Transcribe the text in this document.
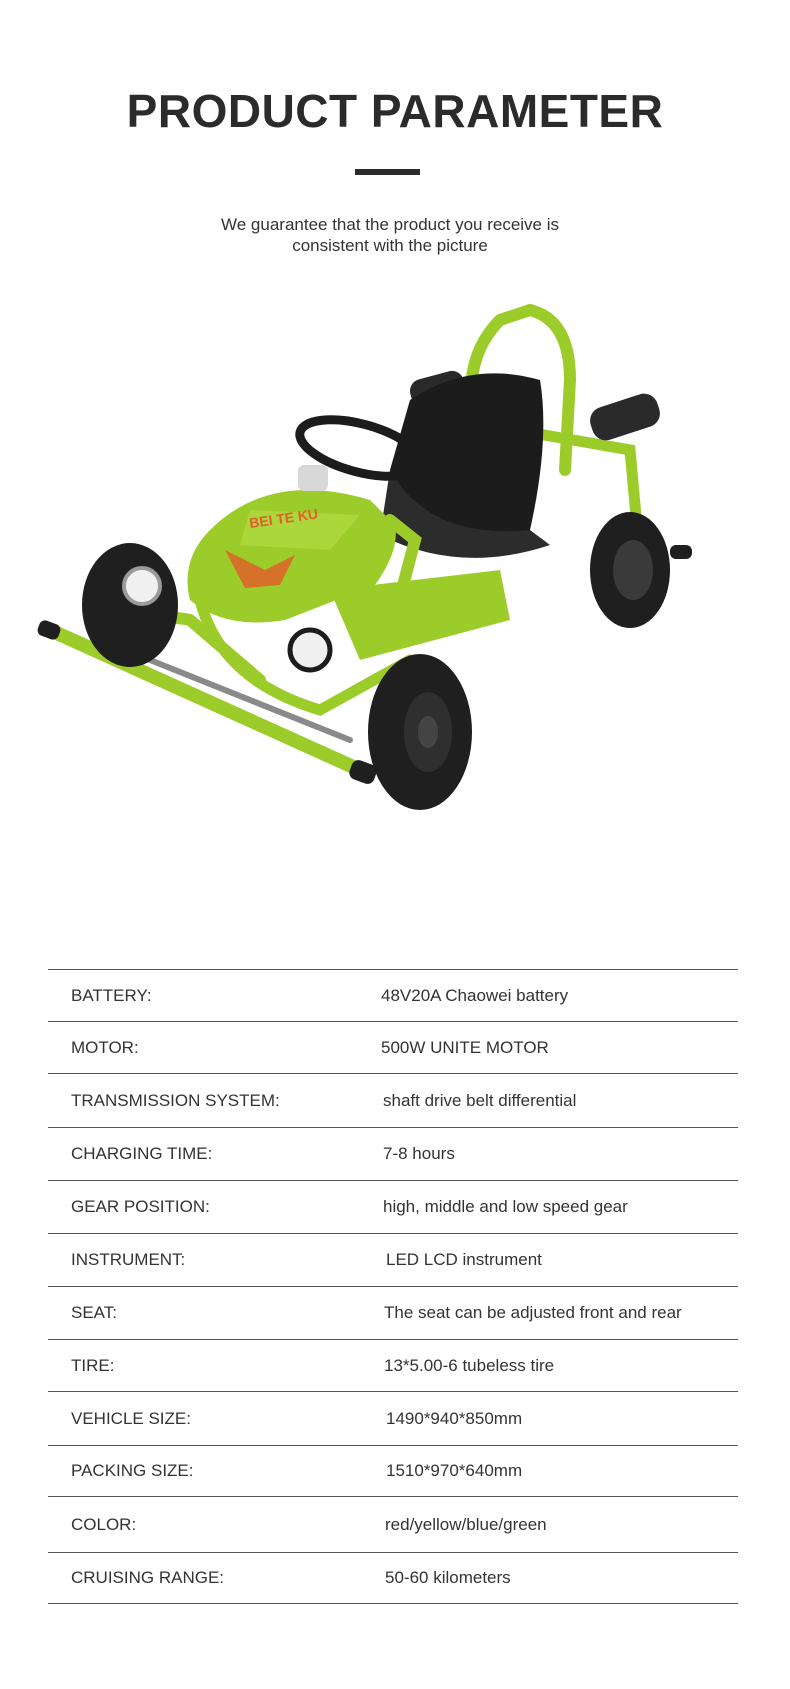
PRODUCT PARAMETER
We guarantee that the product you receive is
consistent with the picture
BEI TE KU
BATTERY:	48V20A Chaowei battery
MOTOR:	500W UNITE MOTOR
TRANSMISSION SYSTEM:	shaft drive belt differential
CHARGING TIME:	7-8 hours
GEAR POSITION:	high, middle and low speed gear
INSTRUMENT:	LED LCD instrument
SEAT:	The seat can be adjusted front and rear
TIRE:	13*5.00-6 tubeless tire
VEHICLE SIZE:	1490*940*850mm
PACKING SIZE:	1510*970*640mm
COLOR:	red/yellow/blue/green
CRUISING RANGE:	50-60 kilometers
